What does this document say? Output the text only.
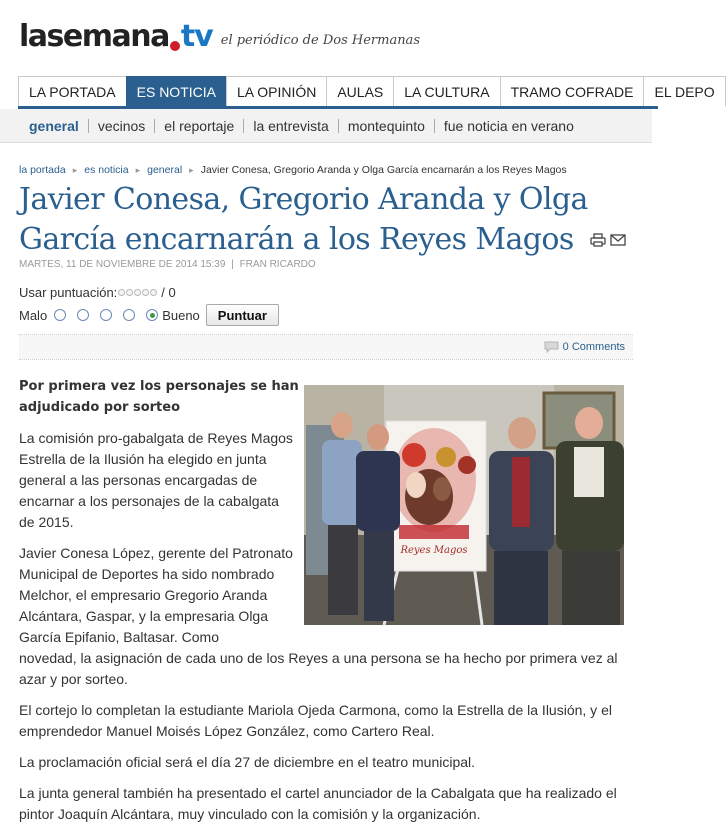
lasemana tv el periódico de Dos Hermanas
LA PORTADA	ES NOTICIA	LA OPINIÓN	AULAS	LA CULTURA	TRAMO COFRADE	EL DEPO
general vecinos el reportaje la entrevista montequinto fue noticia en verano
la portada ▸ es noticia ▸ general ▸ Javier Conesa, Gregorio Aranda y Olga García encarnarán a los Reyes Magos
Javier Conesa, Gregorio Aranda y Olga García encarnarán a los Reyes Magos
MARTES, 11 DE NOVIEMBRE DE 2014 15:39 | FRAN RICARDO
Usar puntuación:	/ 0
Malo	Bueno	Puntuar
0 Comments

Por primera vez los personajes se han adjudicado por sorteo

La comisión pro-gabalgata de Reyes Magos Estrella de la Ilusión ha elegido en junta general a las personas encargadas de encarnar a los personajes de la cabalgata de 2015.

Javier Conesa López, gerente del Patronato Municipal de Deportes ha sido nombrado Melchor, el empresario Gregorio Aranda Alcántara, Gaspar, y la empresaria Olga García Epifanio, Baltasar. Como

novedad, la asignación de cada uno de los Reyes a una persona se ha hecho por primera vez al azar y por sorteo.

El cortejo lo completan la estudiante Mariola Ojeda Carmona, como la Estrella de la Ilusión, y el emprendedor Manuel Moisés López González, como Cartero Real.

La proclamación oficial será el día 27 de diciembre en el teatro municipal.

La junta general también ha presentado el cartel anunciador de la Cabalgata que ha realizado el pintor Joaquín Alcántara, muy vinculado con la comisión y la organización.

Reyes Magos
